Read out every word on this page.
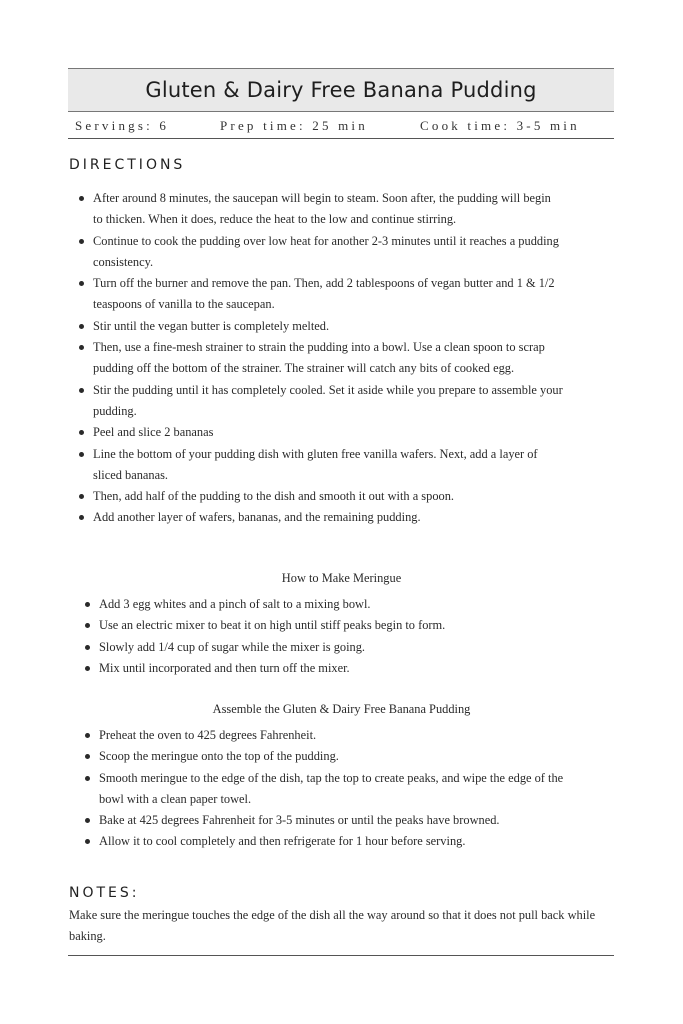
Gluten & Dairy Free Banana Pudding
Servings: 6	Prep time: 25 min	Cook time: 3-5 min
DIRECTIONS
After around 8 minutes, the saucepan will begin to steam. Soon after, the pudding will begin to thicken. When it does, reduce the heat to the low and continue stirring.
Continue to cook the pudding over low heat for another 2-3 minutes until it reaches a pudding consistency.
Turn off the burner and remove the pan. Then, add 2 tablespoons of vegan butter and 1 & 1/2 teaspoons of vanilla to the saucepan.
Stir until the vegan butter is completely melted.
Then, use a fine-mesh strainer to strain the pudding into a bowl. Use a clean spoon to scrap pudding off the bottom of the strainer. The strainer will catch any bits of cooked egg.
Stir the pudding until it has completely cooled. Set it aside while you prepare to assemble your pudding.
Peel and slice 2 bananas
Line the bottom of your pudding dish with gluten free vanilla wafers. Next, add a layer of sliced bananas.
Then, add half of the pudding to the dish and smooth it out with a spoon.
Add another layer of wafers, bananas, and the remaining pudding.
How to Make Meringue
Add 3 egg whites and a pinch of salt to a mixing bowl.
Use an electric mixer to beat it on high until stiff peaks begin to form.
Slowly add 1/4 cup of sugar while the mixer is going.
Mix until incorporated and then turn off the mixer.
Assemble the Gluten & Dairy Free Banana Pudding
Preheat the oven to 425 degrees Fahrenheit.
Scoop the meringue onto the top of the pudding.
Smooth meringue to the edge of the dish, tap the top to create peaks, and wipe the edge of the bowl with a clean paper towel.
Bake at 425 degrees Fahrenheit for 3-5 minutes or until the peaks have browned.
Allow it to cool completely and then refrigerate for 1 hour before serving.
NOTES:
Make sure the meringue touches the edge of the dish all the way around so that it does not pull back while baking.
